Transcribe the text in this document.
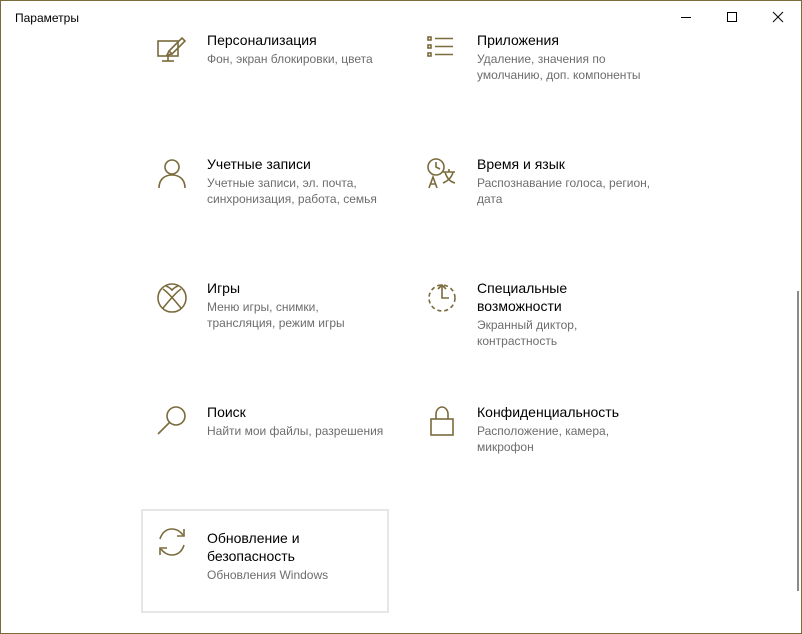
Параметры
Персонализация
Фон, экран блокировки, цвета
Приложения
Удаление, значения по умолчанию, доп. компоненты
Учетные записи
Учетные записи, эл. почта, синхронизация, работа, семья
Время и язык
Распознавание голоса, регион, дата
Игры
Меню игры, снимки, трансляция, режим игры
Специальные возможности
Экранный диктор, контрастность
Поиск
Найти мои файлы, разрешения
Конфиденциальность
Расположение, камера, микрофон
Обновление и безопасность
Обновления Windows
